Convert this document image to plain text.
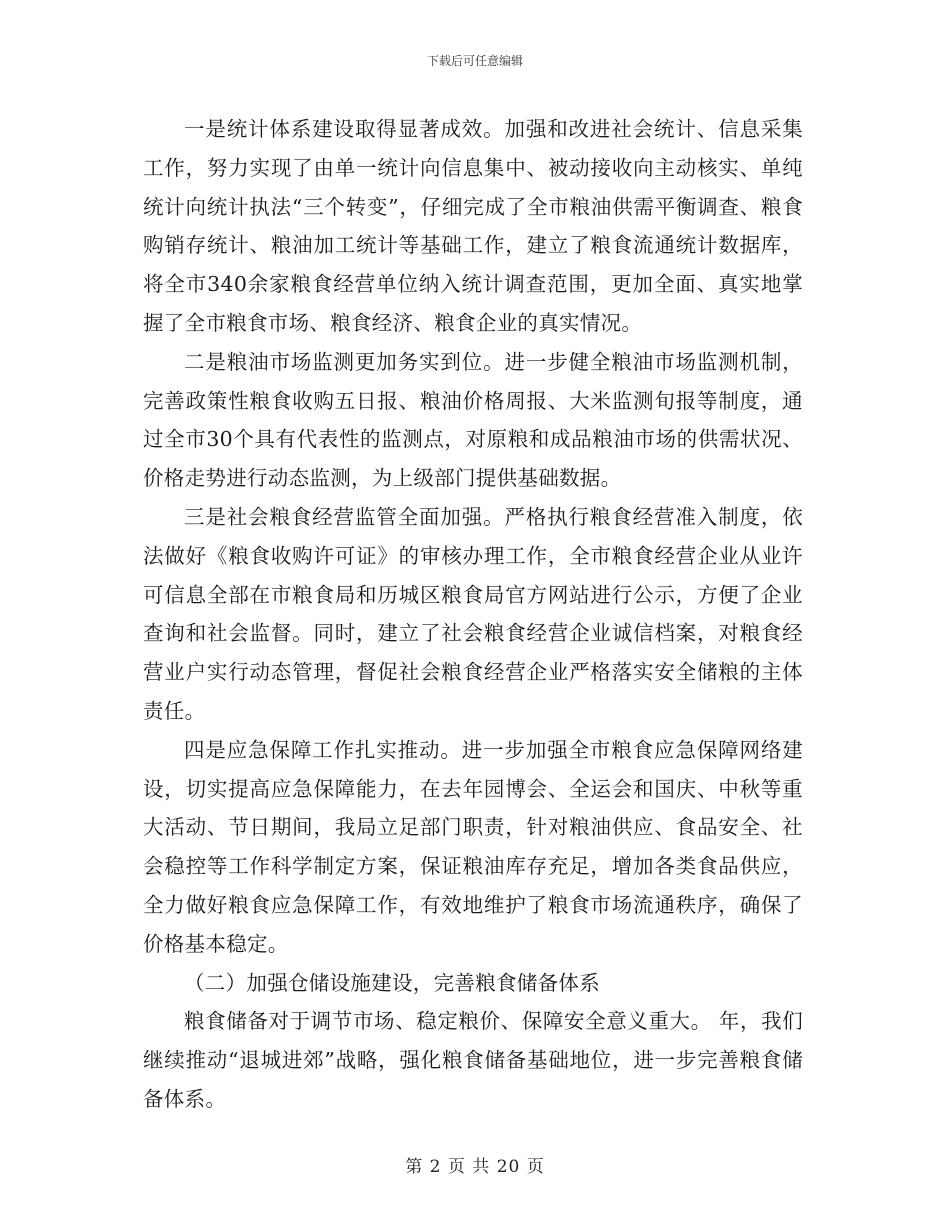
下载后可任意编辑

一是统计体系建设取得显著成效。加强和改进社会统计、信息采集工作，努力实现了由单一统计向信息集中、被动接收向主动核实、单纯统计向统计执法“三个转变”，仔细完成了全市粮油供需平衡调查、粮食购销存统计、粮油加工统计等基础工作，建立了粮食流通统计数据库，将全市340余家粮食经营单位纳入统计调查范围，更加全面、真实地掌握了全市粮食市场、粮食经济、粮食企业的真实情况。

二是粮油市场监测更加务实到位。进一步健全粮油市场监测机制，完善政策性粮食收购五日报、粮油价格周报、大米监测旬报等制度，通过全市30个具有代表性的监测点，对原粮和成品粮油市场的供需状况、价格走势进行动态监测，为上级部门提供基础数据。

三是社会粮食经营监管全面加强。严格执行粮食经营准入制度，依法做好《粮食收购许可证》的审核办理工作，全市粮食经营企业从业许可信息全部在市粮食局和历城区粮食局官方网站进行公示，方便了企业查询和社会监督。同时，建立了社会粮食经营企业诚信档案，对粮食经营业户实行动态管理，督促社会粮食经营企业严格落实安全储粮的主体责任。

四是应急保障工作扎实推动。进一步加强全市粮食应急保障网络建设，切实提高应急保障能力，在去年园博会、全运会和国庆、中秋等重大活动、节日期间，我局立足部门职责，针对粮油供应、食品安全、社会稳控等工作科学制定方案，保证粮油库存充足，增加各类食品供应，全力做好粮食应急保障工作，有效地维护了粮食市场流通秩序，确保了价格基本稳定。

（二）加强仓储设施建设，完善粮食储备体系

粮食储备对于调节市场、稳定粮价、保障安全意义重大。 年，我们继续推动“退城进郊”战略，强化粮食储备基础地位，进一步完善粮食储备体系。

第 2 页 共 20 页
